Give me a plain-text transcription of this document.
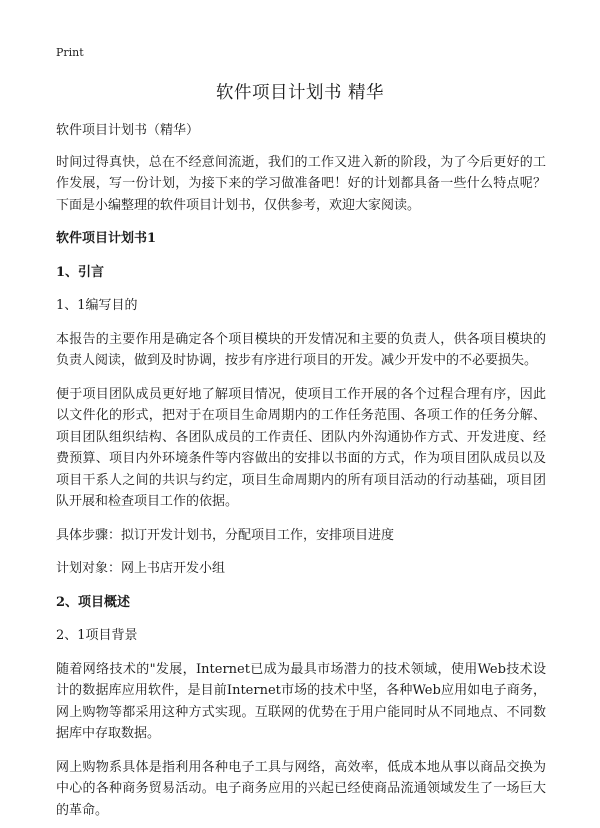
Print
软件项目计划书 精华

软件项目计划书（精华）

时间过得真快，总在不经意间流逝，我们的工作又进入新的阶段，为了今后更好的工作发展，写一份计划，为接下来的学习做准备吧！好的计划都具备一些什么特点呢？下面是小编整理的软件项目计划书，仅供参考，欢迎大家阅读。

软件项目计划书1

1、引言

1、1编写目的

本报告的主要作用是确定各个项目模块的开发情况和主要的负责人，供各项目模块的负责人阅读，做到及时协调，按步有序进行项目的开发。减少开发中的不必要损失。

便于项目团队成员更好地了解项目情况，使项目工作开展的各个过程合理有序，因此以文件化的形式，把对于在项目生命周期内的工作任务范围、各项工作的任务分解、项目团队组织结构、各团队成员的工作责任、团队内外沟通协作方式、开发进度、经费预算、项目内外环境条件等内容做出的安排以书面的方式，作为项目团队成员以及项目干系人之间的共识与约定，项目生命周期内的所有项目活动的行动基础，项目团队开展和检查项目工作的依据。

具体步骤：拟订开发计划书，分配项目工作，安排项目进度

计划对象：网上书店开发小组

2、项目概述

2、1项目背景

随着网络技术的"发展，Internet已成为最具市场潜力的技术领域，使用Web技术设计的数据库应用软件，是目前Internet市场的技术中坚，各种Web应用如电子商务，网上购物等都采用这种方式实现。互联网的优势在于用户能同时从不同地点、不同数据库中存取数据。

网上购物系具体是指利用各种电子工具与网络，高效率，低成本地从事以商品交换为中心的各种商务贸易活动。电子商务应用的兴起已经使商品流通领域发生了一场巨大的革命。
